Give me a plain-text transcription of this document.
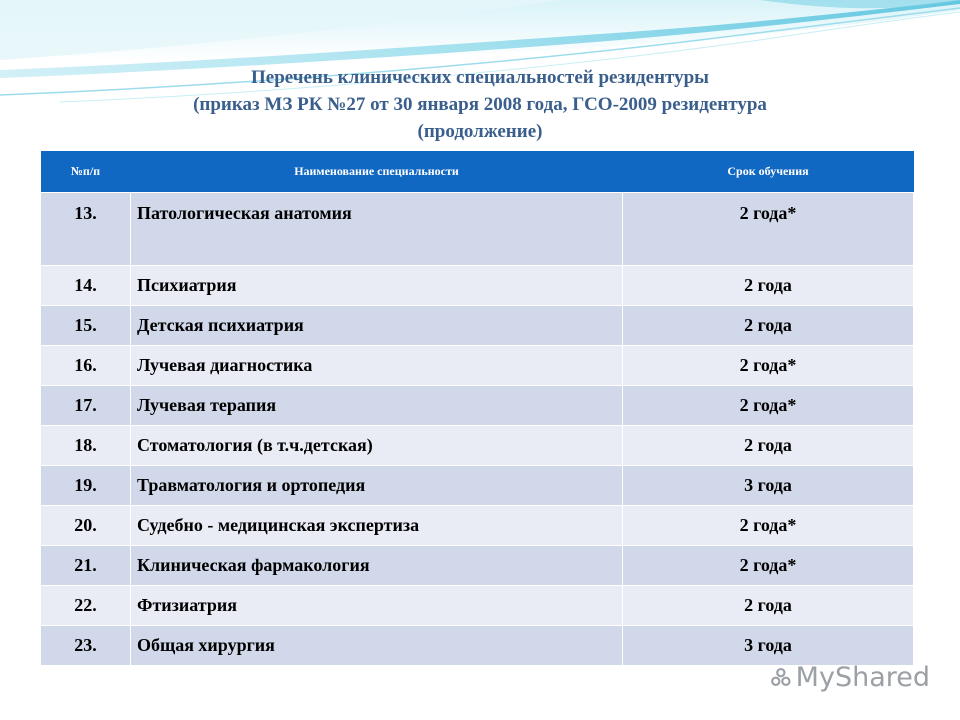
Перечень клинических специальностей резидентуры
(приказ МЗ РК №27 от 30 января 2008 года, ГСО-2009 резидентура
(продолжение)
№п/п	Наименование специальности	Срок обучения
13.	Патологическая анатомия	2 года*
14.	Психиатрия	2 года
15.	Детская психиатрия	2 года
16.	Лучевая диагностика	2 года*
17.	Лучевая терапия	2 года*
18.	Стоматология (в т.ч.детская)	2 года
19.	Травматология и ортопедия	3 года
20.	Судебно - медицинская экспертиза	2 года*
21.	Клиническая фармакология	2 года*
22.	Фтизиатрия	2 года
23.	Общая хирургия	3 года
MyShared
